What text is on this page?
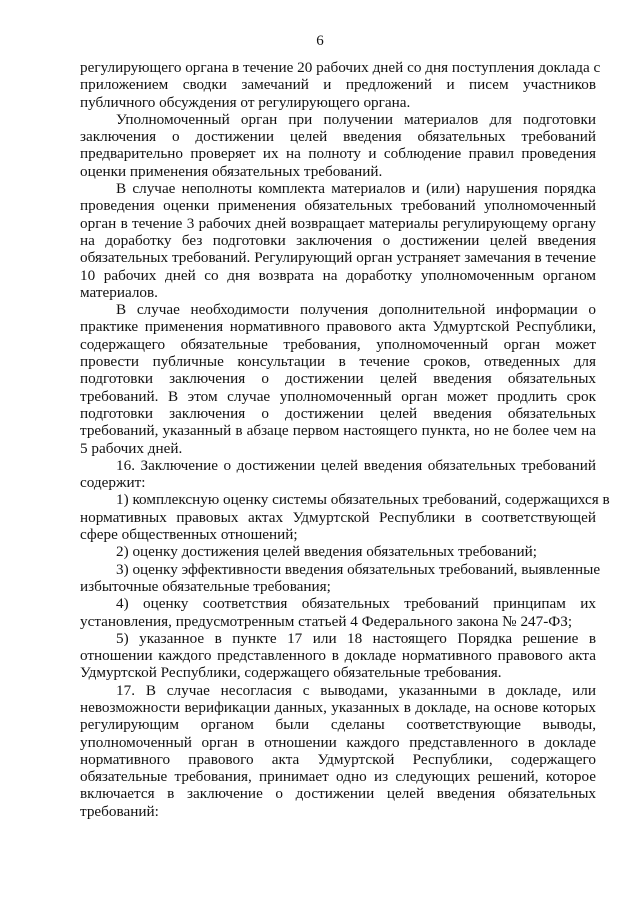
6
регулирующего органа в течение 20 рабочих дней со дня поступления доклада с
приложением сводки замечаний и предложений и писем участников
публичного обсуждения от регулирующего органа.
Уполномоченный орган при получении материалов для подготовки
заключения о достижении целей введения обязательных требований
предварительно проверяет их на полноту и соблюдение правил проведения
оценки применения обязательных требований.
В случае неполноты комплекта материалов и (или) нарушения порядка
проведения оценки применения обязательных требований уполномоченный
орган в течение 3 рабочих дней возвращает материалы регулирующему органу
на доработку без подготовки заключения о достижении целей введения
обязательных требований. Регулирующий орган устраняет замечания в течение
10 рабочих дней со дня возврата на доработку уполномоченным органом
материалов.
В случае необходимости получения дополнительной информации о
практике применения нормативного правового акта Удмуртской Республики,
содержащего обязательные требования, уполномоченный орган может
провести публичные консультации в течение сроков, отведенных для
подготовки заключения о достижении целей введения обязательных
требований. В этом случае уполномоченный орган может продлить срок
подготовки заключения о достижении целей введения обязательных
требований, указанный в абзаце первом настоящего пункта, но не более чем на
5 рабочих дней.
16. Заключение о достижении целей введения обязательных требований
содержит:
1) комплексную оценку системы обязательных требований, содержащихся в
нормативных правовых актах Удмуртской Республики в соответствующей
сфере общественных отношений;
2) оценку достижения целей введения обязательных требований;
3) оценку эффективности введения обязательных требований, выявленные
избыточные обязательные требования;
4) оценку соответствия обязательных требований принципам их
установления, предусмотренным статьей 4 Федерального закона № 247-ФЗ;
5) указанное в пункте 17 или 18 настоящего Порядка решение в
отношении каждого представленного в докладе нормативного правового акта
Удмуртской Республики, содержащего обязательные требования.
17. В случае несогласия с выводами, указанными в докладе, или
невозможности верификации данных, указанных в докладе, на основе которых
регулирующим органом были сделаны соответствующие выводы,
уполномоченный орган в отношении каждого представленного в докладе
нормативного правового акта Удмуртской Республики, содержащего
обязательные требования, принимает одно из следующих решений, которое
включается в заключение о достижении целей введения обязательных
требований:
